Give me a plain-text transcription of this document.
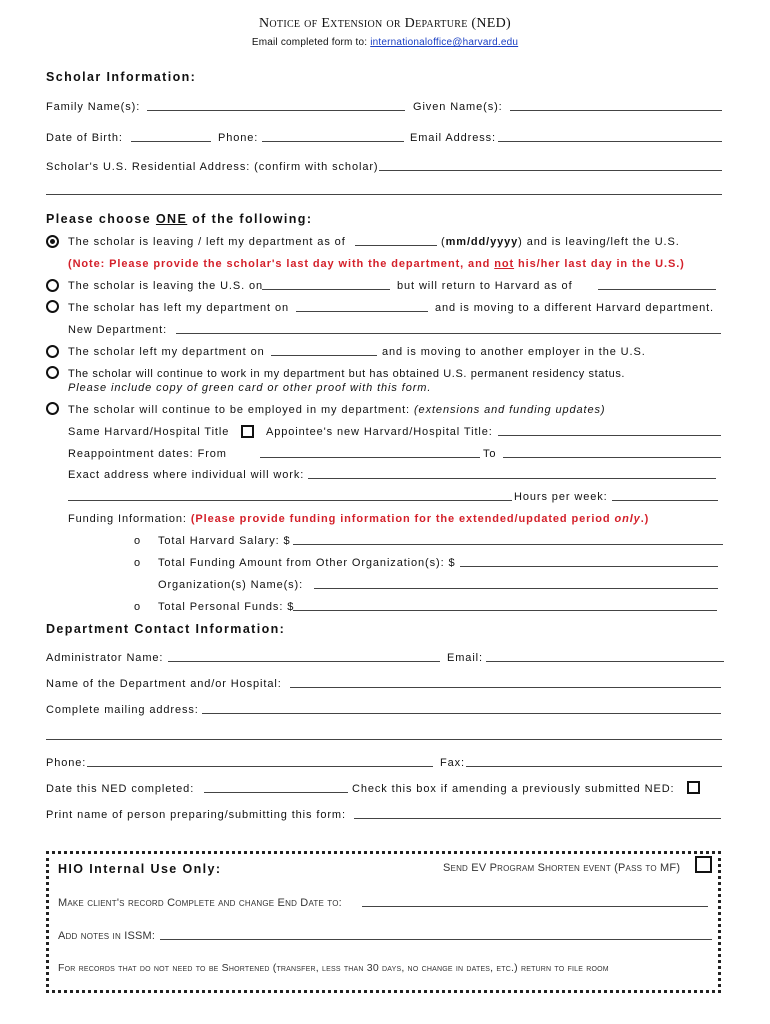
Notice of Extension or Departure (NED)
Email completed form to: internationaloffice@harvard.edu
Scholar Information:
Family Name(s):	Given Name(s):
Date of Birth:	Phone:	Email Address:
Scholar's U.S. Residential Address: (confirm with scholar)
Please choose ONE of the following:
The scholar is leaving / left my department as of	(mm/dd/yyyy) and is leaving/left the U.S.
(Note: Please provide the scholar's last day with the department, and not his/her last day in the U.S.)
The scholar is leaving the U.S. on	but will return to Harvard as of
The scholar has left my department on	and is moving to a different Harvard department.
New Department:
The scholar left my department on	and is moving to another employer in the U.S.
The scholar will continue to work in my department but has obtained U.S. permanent residency status.
Please include copy of green card or other proof with this form.
The scholar will continue to be employed in my department: (extensions and funding updates)
Same Harvard/Hospital Title	Appointee's new Harvard/Hospital Title:
Reappointment dates: From	To
Exact address where individual will work:
Hours per week:
Funding Information: (Please provide funding information for the extended/updated period only.)
o Total Harvard Salary: $
o Total Funding Amount from Other Organization(s): $
Organization(s) Name(s):
o Total Personal Funds: $
Department Contact Information:
Administrator Name:	Email:
Name of the Department and/or Hospital:
Complete mailing address:
Phone:	Fax:
Date this NED completed:	Check this box if amending a previously submitted NED:
Print name of person preparing/submitting this form:
HIO Internal Use Only:	Send EV Program Shorten event (Pass to MF)
Make client's record Complete and change End Date to:
Add notes in ISSM:
For records that do not need to be Shortened (transfer, less than 30 days, no change in dates, etc.) return to file room
